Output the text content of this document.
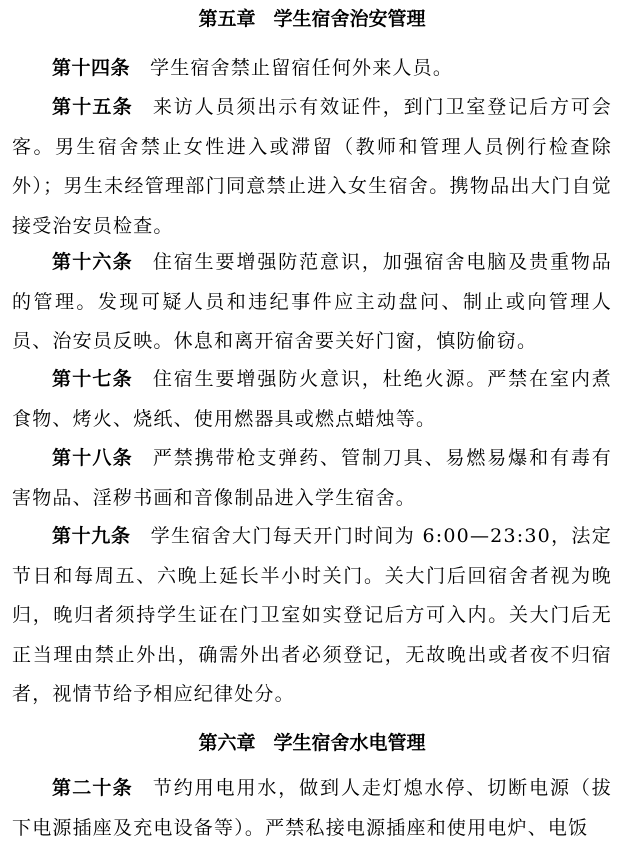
第五章 学生宿舍治安管理

第十四条 学生宿舍禁止留宿任何外来人员。

第十五条 来访人员须出示有效证件，到门卫室登记后方可会客。男生宿舍禁止女性进入或滞留（教师和管理人员例行检查除外）；男生未经管理部门同意禁止进入女生宿舍。携物品出大门自觉接受治安员检查。

第十六条 住宿生要增强防范意识，加强宿舍电脑及贵重物品的管理。发现可疑人员和违纪事件应主动盘问、制止或向管理人员、治安员反映。休息和离开宿舍要关好门窗，慎防偷窃。

第十七条 住宿生要增强防火意识，杜绝火源。严禁在室内煮食物、烤火、烧纸、使用燃器具或燃点蜡烛等。

第十八条 严禁携带枪支弹药、管制刀具、易燃易爆和有毒有害物品、淫秽书画和音像制品进入学生宿舍。

第十九条 学生宿舍大门每天开门时间为 6:00—23:30，法定节日和每周五、六晚上延长半小时关门。关大门后回宿舍者视为晚归，晚归者须持学生证在门卫室如实登记后方可入内。关大门后无正当理由禁止外出，确需外出者必须登记，无故晚出或者夜不归宿者，视情节给予相应纪律处分。

第六章 学生宿舍水电管理

第二十条 节约用电用水，做到人走灯熄水停、切断电源（拔下电源插座及充电设备等）。严禁私接电源插座和使用电炉、电饭
